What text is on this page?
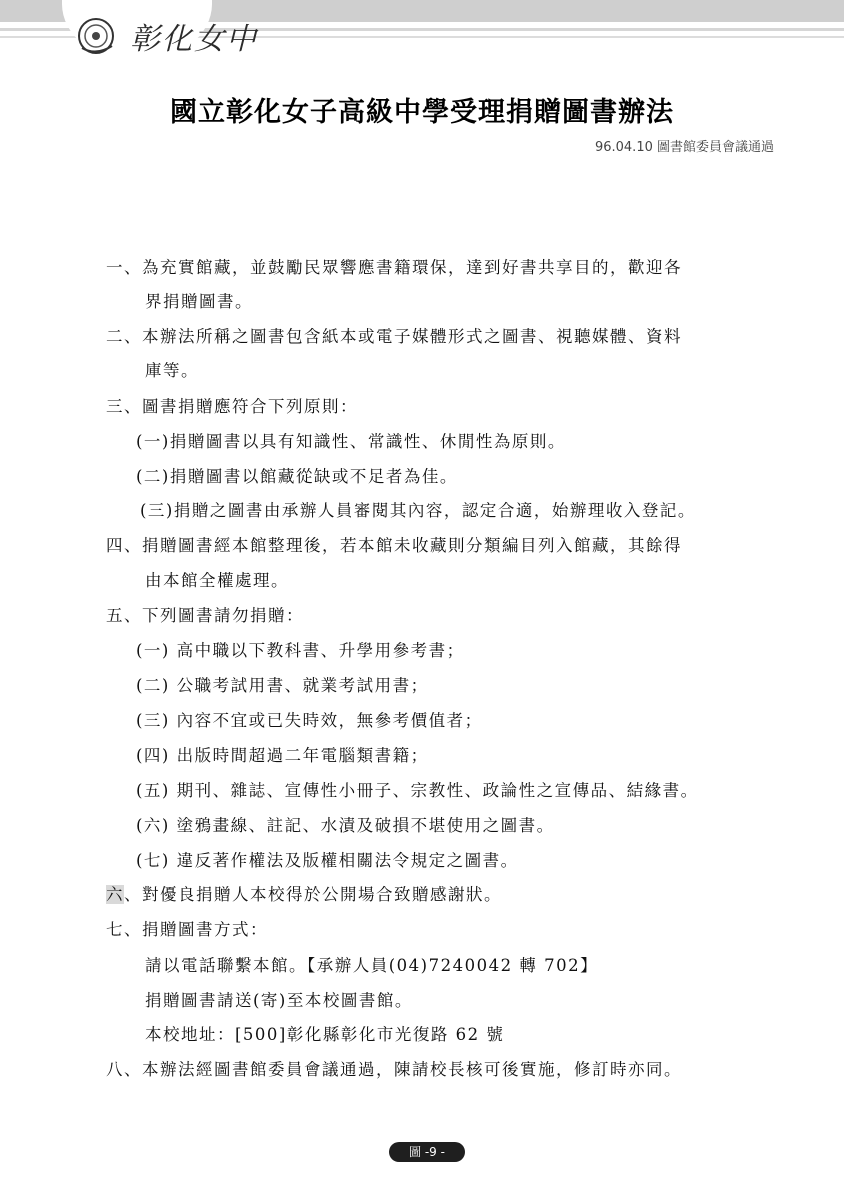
彰化女中
國立彰化女子高級中學受理捐贈圖書辦法
96.04.10 圖書館委員會議通過
一、為充實館藏，並鼓勵民眾響應書籍環保，達到好書共享目的，歡迎各
界捐贈圖書。
二、本辦法所稱之圖書包含紙本或電子媒體形式之圖書、視聽媒體、資料
庫等。
三、圖書捐贈應符合下列原則：
(一)捐贈圖書以具有知識性、常識性、休閒性為原則。
(二)捐贈圖書以館藏從缺或不足者為佳。
(三)捐贈之圖書由承辦人員審閱其內容，認定合適，始辦理收入登記。
四、捐贈圖書經本館整理後，若本館未收藏則分類編目列入館藏，其餘得
由本館全權處理。
五、下列圖書請勿捐贈：
(一) 高中職以下教科書、升學用參考書；
(二) 公職考試用書、就業考試用書；
(三) 內容不宜或已失時效，無參考價值者；
(四) 出版時間超過二年電腦類書籍；
(五) 期刊、雜誌、宣傳性小冊子、宗教性、政論性之宣傳品、結緣書。
(六) 塗鴉畫線、註記、水漬及破損不堪使用之圖書。
(七) 違反著作權法及版權相關法令規定之圖書。
六、對優良捐贈人本校得於公開場合致贈感謝狀。
七、捐贈圖書方式：
請以電話聯繫本館。【承辦人員(04)7240042 轉 702】
捐贈圖書請送(寄)至本校圖書館。
本校地址：[500]彰化縣彰化市光復路 62 號
八、本辦法經圖書館委員會議通過，陳請校長核可後實施，修訂時亦同。
圖 -9 -
